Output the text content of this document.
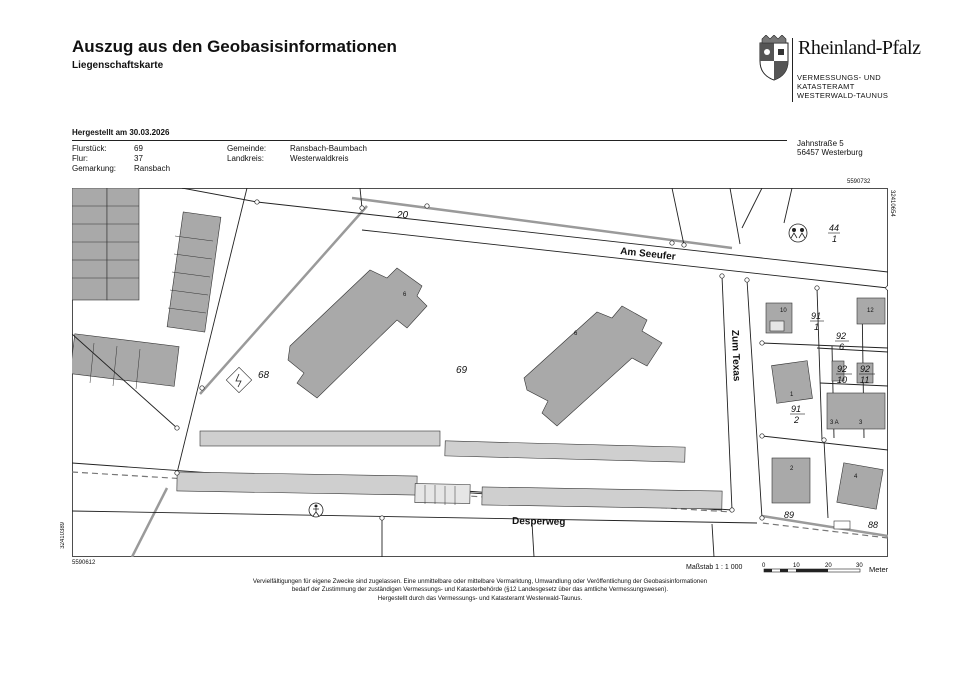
Auszug aus den Geobasisinformationen
Liegenschaftskarte
Rheinland-Pfalz
VERMESSUNGS- UND
KATASTERAMT
WESTERWALD-TAUNUS
Hergestellt am 30.03.2026
Flurstück:	69
Flur:	37
Gemarkung: Ransbach
Gemeinde:	Ransbach-Baumbach
Landkreis:	Westerwaldkreis
Jahnstraße 5
56457 Westerburg
5590732
32410654
32410389
20
68	69
Am Seeufer
Zum Texas
Desperweg
44
1
91
1
92
6
92
10
92
11
91
2
89
88
10	12
1
3 A	3
2
4
6
6
5590612
Maßstab 1 : 1 000	0	10	20	30 Meter
Vervielfältigungen für eigene Zwecke sind zugelassen. Eine unmittelbare oder mittelbare Vermarktung, Umwandlung oder Veröffentlichung der Geobasisinformationen
bedarf der Zustimmung der zuständigen Vermessungs- und Katasterbehörde (§12 Landesgesetz über das amtliche Vermessungswesen).
Hergestellt durch das Vermessungs- und Katasteramt Westerwald-Taunus.
